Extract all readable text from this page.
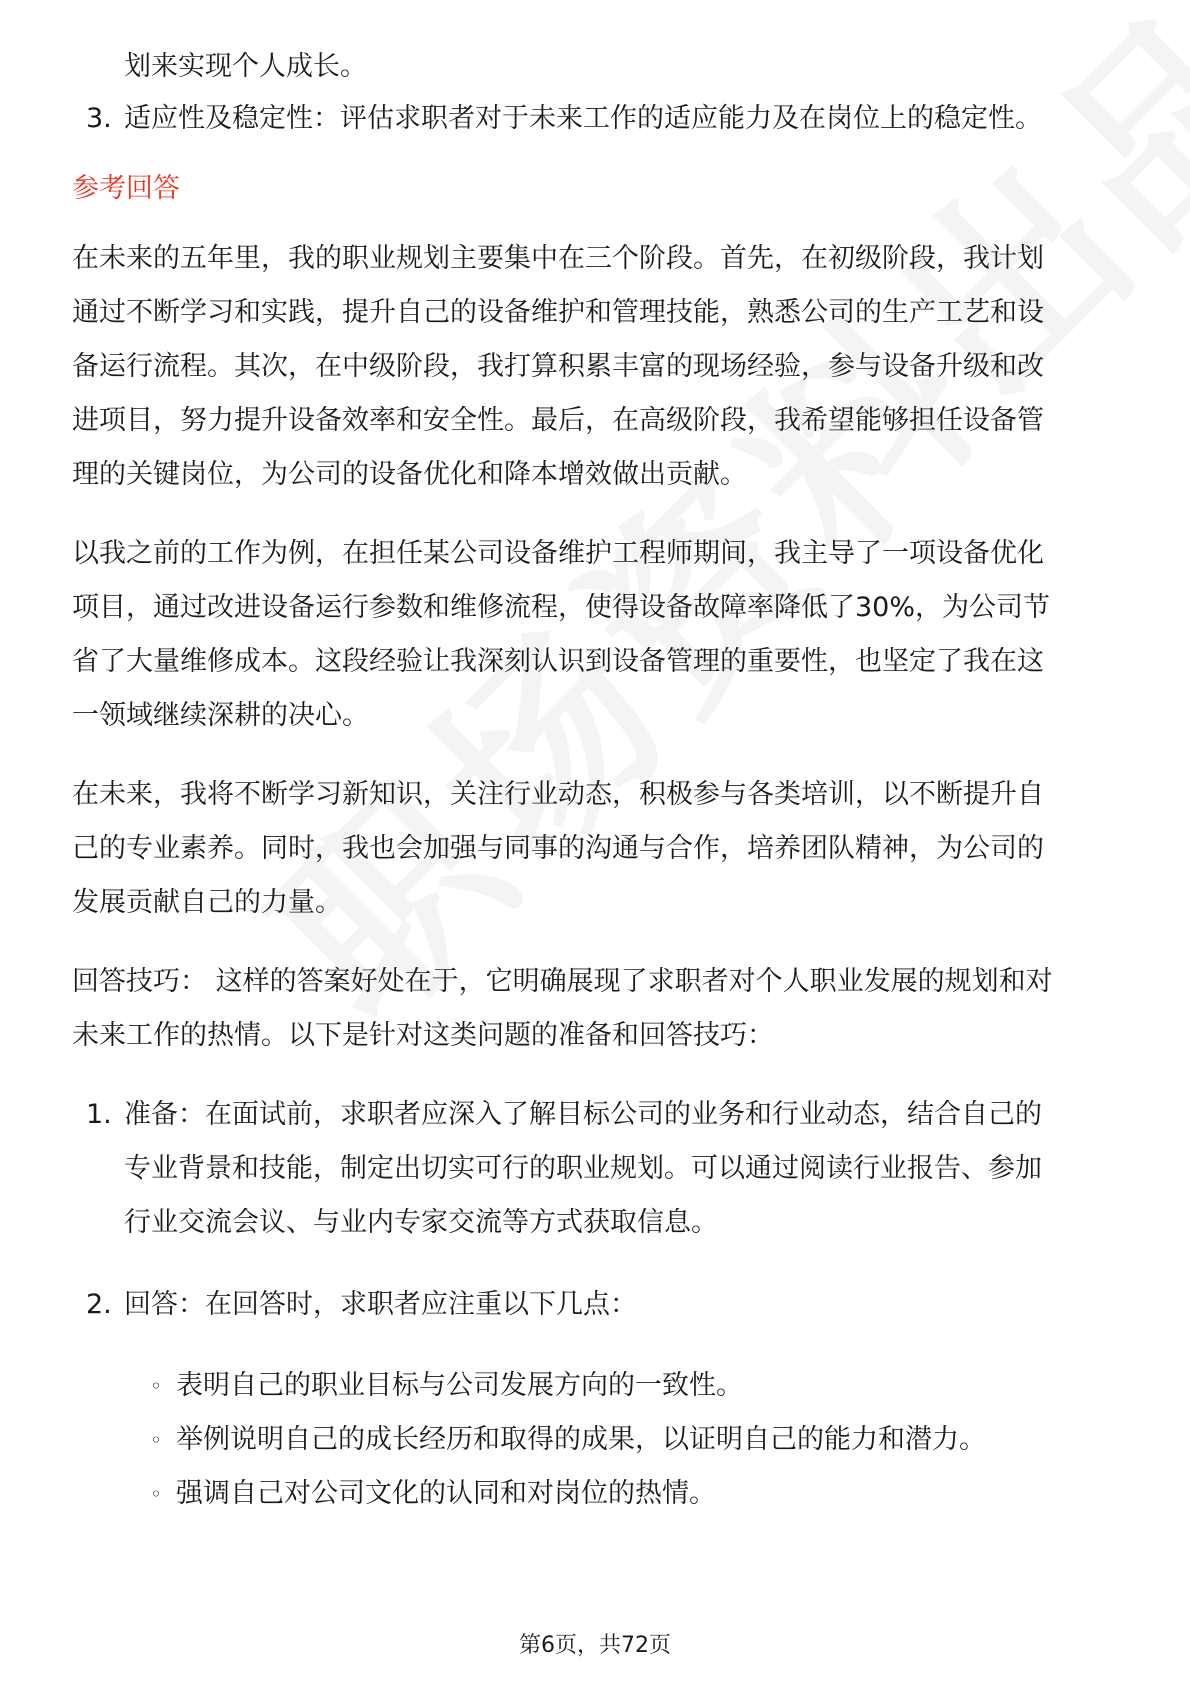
划来实现个人成长。
3. 适应性及稳定性：评估求职者对于未来工作的适应能力及在岗位上的稳定性。
参考回答
在未来的五年里，我的职业规划主要集中在三个阶段。首先，在初级阶段，我计划
通过不断学习和实践，提升自己的设备维护和管理技能，熟悉公司的生产工艺和设
备运行流程。其次，在中级阶段，我打算积累丰富的现场经验，参与设备升级和改
进项目，努力提升设备效率和安全性。最后，在高级阶段，我希望能够担任设备管
理的关键岗位，为公司的设备优化和降本增效做出贡献。
以我之前的工作为例，在担任某公司设备维护工程师期间，我主导了一项设备优化
项目，通过改进设备运行参数和维修流程，使得设备故障率降低了30%，为公司节
省了大量维修成本。这段经验让我深刻认识到设备管理的重要性，也坚定了我在这
一领域继续深耕的决心。
在未来，我将不断学习新知识，关注行业动态，积极参与各类培训，以不断提升自
己的专业素养。同时，我也会加强与同事的沟通与合作，培养团队精神，为公司的
发展贡献自己的力量。
回答技巧： 这样的答案好处在于，它明确展现了求职者对个人职业发展的规划和对
未来工作的热情。以下是针对这类问题的准备和回答技巧：
1. 准备：在面试前，求职者应深入了解目标公司的业务和行业动态，结合自己的
专业背景和技能，制定出切实可行的职业规划。可以通过阅读行业报告、参加
行业交流会议、与业内专家交流等方式获取信息。
2. 回答：在回答时，求职者应注重以下几点：
◦ 表明自己的职业目标与公司发展方向的一致性。
◦ 举例说明自己的成长经历和取得的成果，以证明自己的能力和潜力。
◦ 强调自己对公司文化的认同和对岗位的热情。
第6页，共72页
